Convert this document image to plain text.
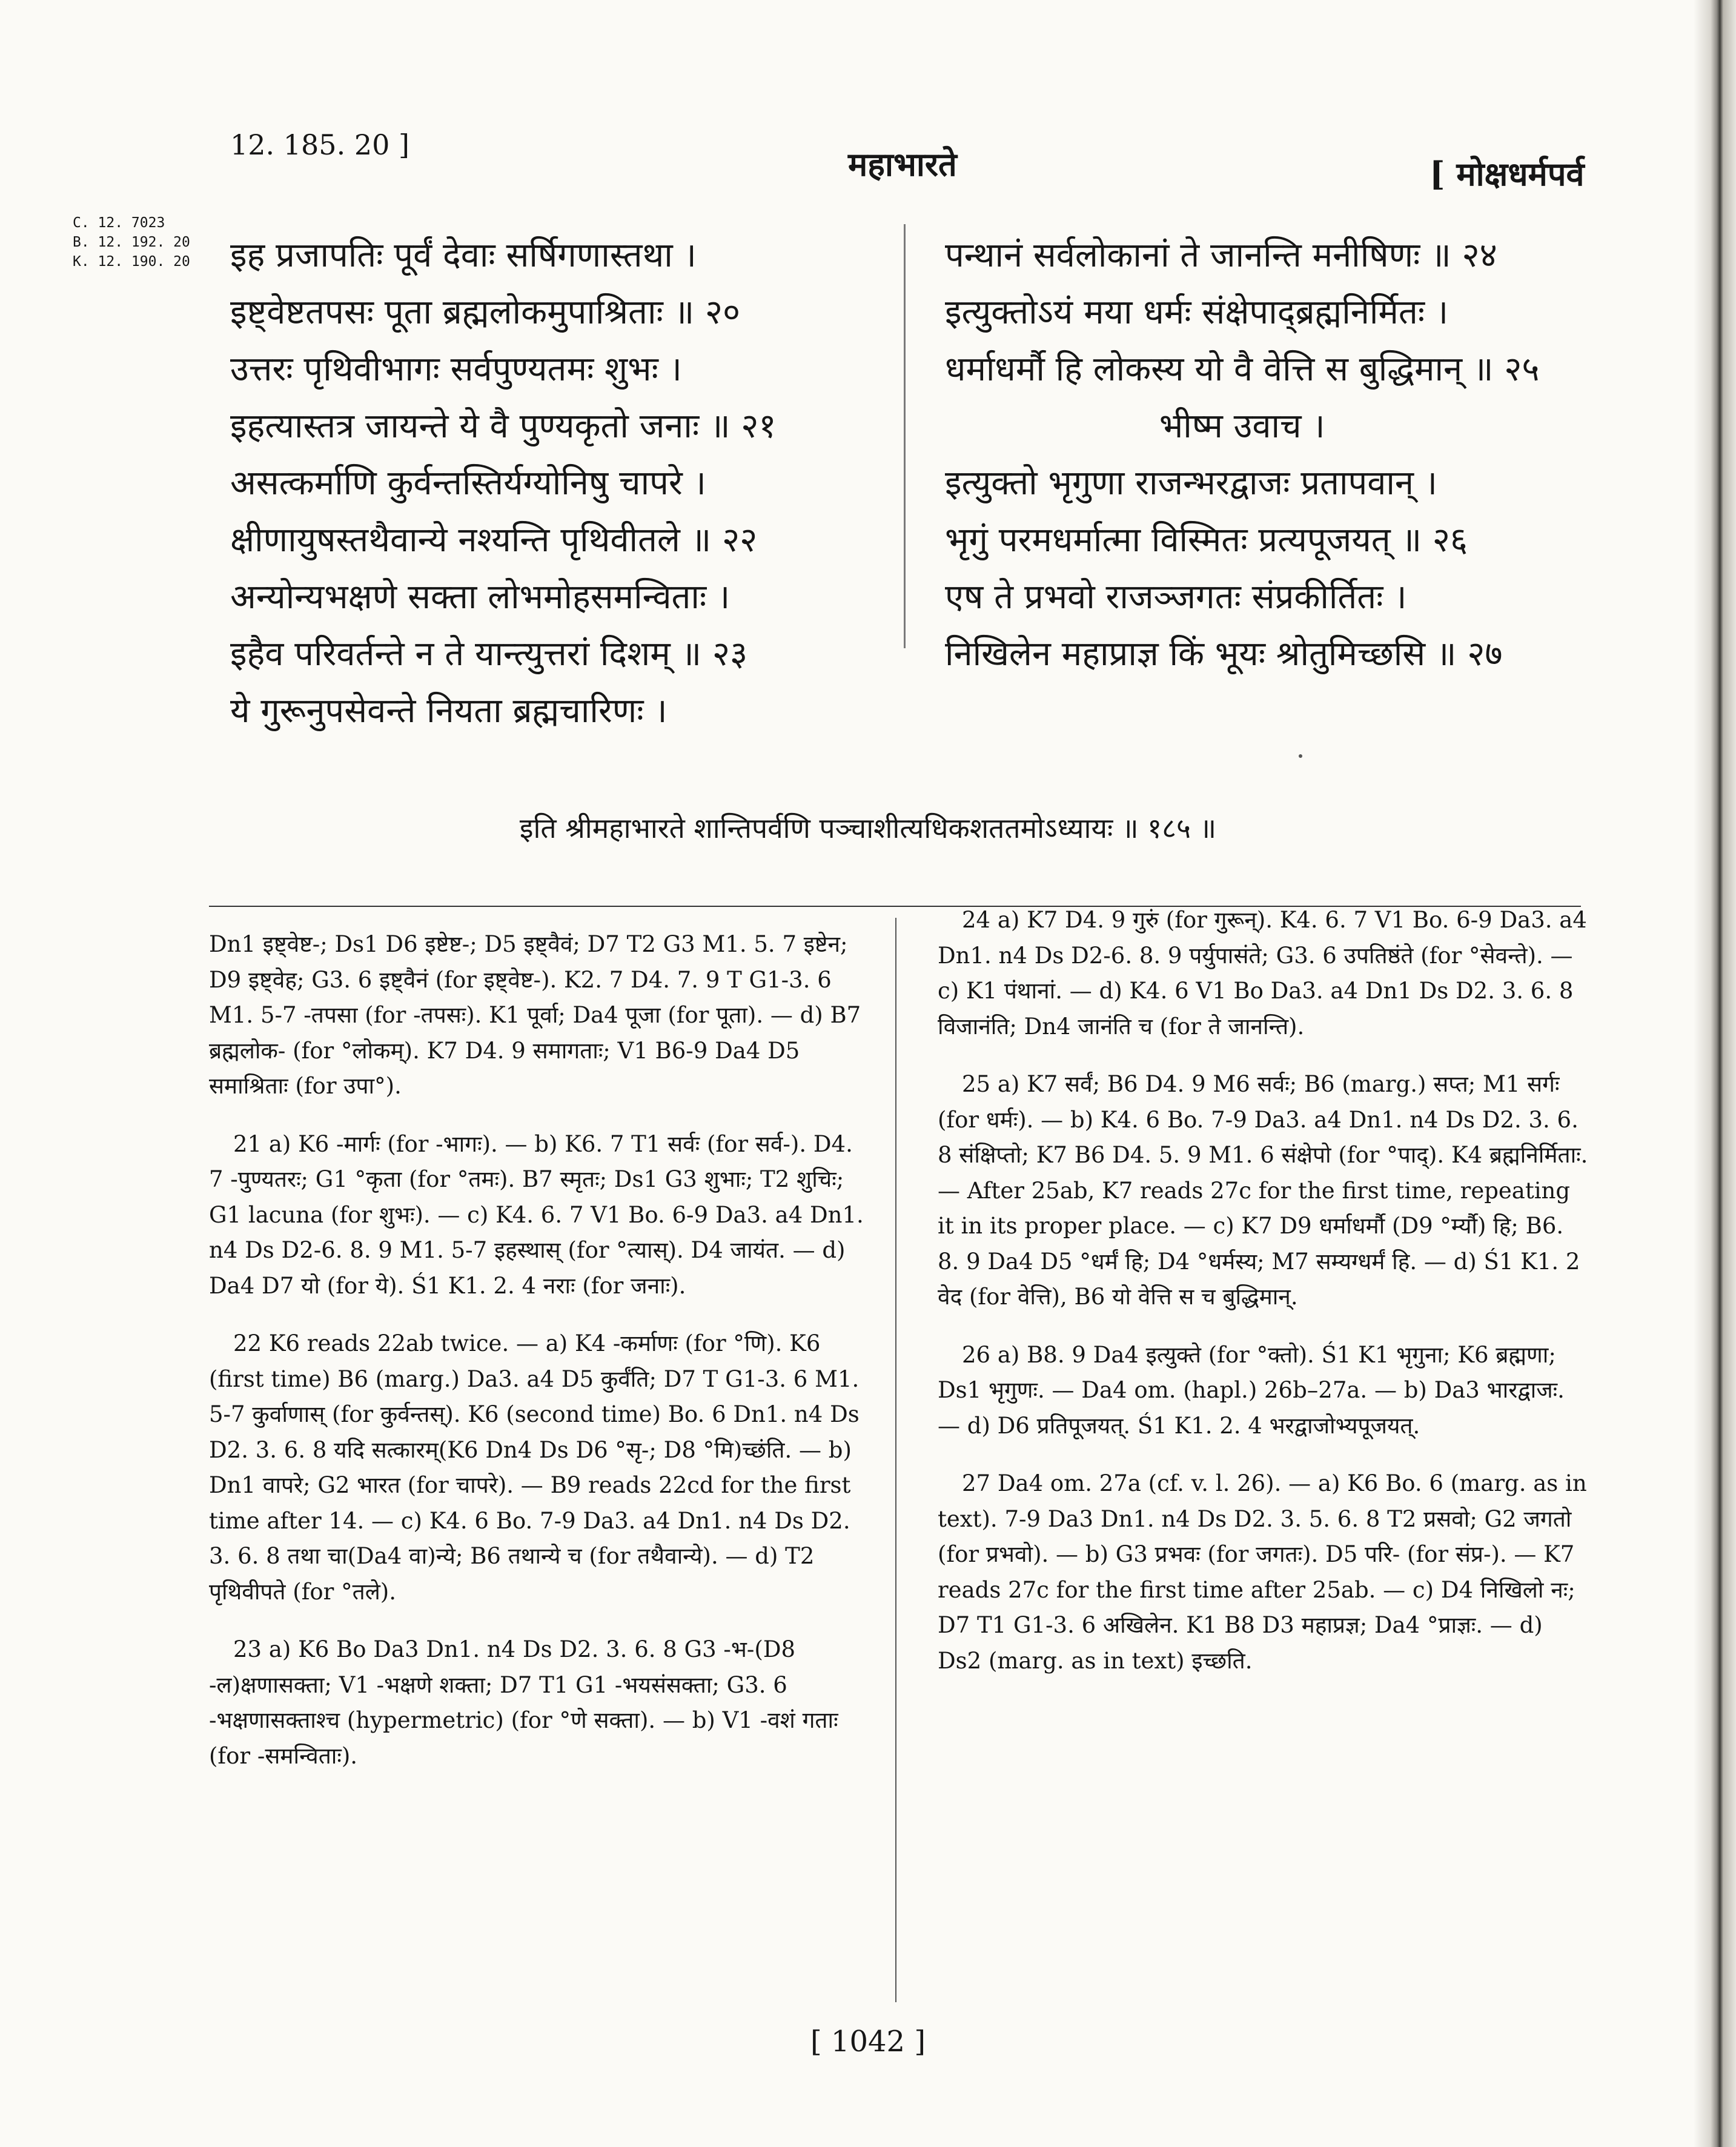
12. 185. 20 ]	महाभारते	[ मोक्षधर्मपर्व
C. 12. 7023
B. 12. 192. 20
K. 12. 190. 20 इह प्रजापतिः पूर्वं देवाः सर्षिगणास्तथा ।
इष्ट्वेष्टतपसः पूता ब्रह्मलोकमुपाश्रिताः ॥ २०
उत्तरः पृथिवीभागः सर्वपुण्यतमः शुभः ।
इहत्यास्तत्र जायन्ते ये वै पुण्यकृतो जनाः ॥ २१
असत्कर्माणि कुर्वन्तस्तिर्यग्योनिषु चापरे ।
क्षीणायुषस्तथैवान्ये नश्यन्ति पृथिवीतले ॥ २२
अन्योन्यभक्षणे सक्ता लोभमोहसमन्विताः ।
इहैव परिवर्तन्ते न ते यान्त्युत्तरां दिशम् ॥ २३
ये गुरूनुपसेवन्ते नियता ब्रह्मचारिणः ।
पन्थानं सर्वलोकानां ते जानन्ति मनीषिणः ॥ २४
इत्युक्तोऽयं मया धर्मः संक्षेपाद्ब्रह्मनिर्मितः ।
धर्माधर्मौ हि लोकस्य यो वै वेत्ति स बुद्धिमान् ॥ २५
भीष्म उवाच ।
इत्युक्तो भृगुणा राजन्भरद्वाजः प्रतापवान् ।
भृगुं परमधर्मात्मा विस्मितः प्रत्यपूजयत् ॥ २६
एष ते प्रभवो राजञ्जगतः संप्रकीर्तितः ।
निखिलेन महाप्राज्ञ किं भूयः श्रोतुमिच्छसि ॥ २७
इति श्रीमहाभारते शान्तिपर्वणि पञ्चाशीत्यधिकशततमोऽध्यायः ॥ १८५ ॥

Dn1 इष्ट्वेष्ट-; Ds1 D6 इष्टेष्ट-; D5 इष्ट्वैवं; D7 T2 G3 M1. 5. 7 इष्टेन; D9 इष्ट्वेह; G3. 6 इष्ट्वैनं (for इष्ट्वेष्ट-). K2. 7 D4. 7. 9 T G1-3. 6 M1. 5-7 -तपसा (for -तपसः). K1 पूर्वा; Da4 पूजा (for पूता). — d) B7 ब्रह्मलोक- (for °लोकम्). K7 D4. 9 समागताः; V1 B6-9 Da4 D5 समाश्रिताः (for उपा°).

21 a) K6 -मार्गः (for -भागः). — b) K6. 7 T1 सर्वः (for सर्व-). D4. 7 -पुण्यतरः; G1 °कृता (for °तमः). B7 स्मृतः; Ds1 G3 शुभाः; T2 शुचिः; G1 lacuna (for शुभः). — c) K4. 6. 7 V1 Bo. 6-9 Da3. a4 Dn1. n4 Ds D2-6. 8. 9 M1. 5-7 इहस्थास् (for °त्यास्). D4 जायंत. — d) Da4 D7 यो (for ये). Ś1 K1. 2. 4 नराः (for जनाः).

22 K6 reads 22ab twice. — a) K4 -कर्माणः (for °णि). K6 (first time) B6 (marg.) Da3. a4 D5 कुर्वंति; D7 T G1-3. 6 M1. 5-7 कुर्वाणास् (for कुर्वन्तस्). K6 (second time) Bo. 6 Dn1. n4 Ds D2. 3. 6. 8 यदि सत्कारम्(K6 Dn4 Ds D6 °सृ-; D8 °मि)च्छंति. — b) Dn1 वापरे; G2 भारत (for चापरे). — B9 reads 22cd for the first time after 14. — c) K4. 6 Bo. 7-9 Da3. a4 Dn1. n4 Ds D2. 3. 6. 8 तथा चा(Da4 वा)न्ये; B6 तथान्ये च (for तथैवान्ये). — d) T2 पृथिवीपते (for °तले).

23 a) K6 Bo Da3 Dn1. n4 Ds D2. 3. 6. 8 G3 -भ-(D8 -ल)क्षणासक्ता; V1 -भक्षणे शक्ता; D7 T1 G1 -भयसंसक्ता; G3. 6 -भक्षणासक्ताश्च (hypermetric) (for °णे सक्ता). — b) V1 -वशं गताः (for -समन्विताः).

24 a) K7 D4. 9 गुरुं (for गुरून्). K4. 6. 7 V1 Bo. 6-9 Da3. a4 Dn1. n4 Ds D2-6. 8. 9 पर्युपासंते; G3. 6 उपतिष्ठंते (for °सेवन्ते). — c) K1 पंथानां. — d) K4. 6 V1 Bo Da3. a4 Dn1 Ds D2. 3. 6. 8 विजानंति; Dn4 जानंति च (for ते जानन्ति).

25 a) K7 सर्वं; B6 D4. 9 M6 सर्वः; B6 (marg.) सप्त; M1 सर्गः (for धर्मः). — b) K4. 6 Bo. 7-9 Da3. a4 Dn1. n4 Ds D2. 3. 6. 8 संक्षिप्तो; K7 B6 D4. 5. 9 M1. 6 संक्षेपो (for °पाद्). K4 ब्रह्मनिर्मिताः. — After 25ab, K7 reads 27c for the first time, repeating it in its proper place. — c) K7 D9 धर्माधर्मौ (D9 °र्म्यौ) हि; B6. 8. 9 Da4 D5 °धर्मं हि; D4 °धर्मस्य; M7 सम्यग्धर्मं हि. — d) Ś1 K1. 2 वेद (for वेत्ति), B6 यो वेत्ति स च बुद्धिमान्.

26 a) B8. 9 Da4 इत्युक्ते (for °क्तो). Ś1 K1 भृगुना; K6 ब्रह्मणा; Ds1 भृगुणः. — Da4 om. (hapl.) 26b–27a. — b) Da3 भारद्वाजः. — d) D6 प्रतिपूजयत्. Ś1 K1. 2. 4 भरद्वाजोभ्यपूजयत्.

27 Da4 om. 27a (cf. v. l. 26). — a) K6 Bo. 6 (marg. as in text). 7-9 Da3 Dn1. n4 Ds D2. 3. 5. 6. 8 T2 प्रसवो; G2 जगतो (for प्रभवो). — b) G3 प्रभवः (for जगतः). D5 परि- (for संप्र-). — K7 reads 27c for the first time after 25ab. — c) D4 निखिलो नः; D7 T1 G1-3. 6 अखिलेन. K1 B8 D3 महाप्रज्ञ; Da4 °प्राज्ञः. — d) Ds2 (marg. as in text) इच्छति.

[ 1042 ]
